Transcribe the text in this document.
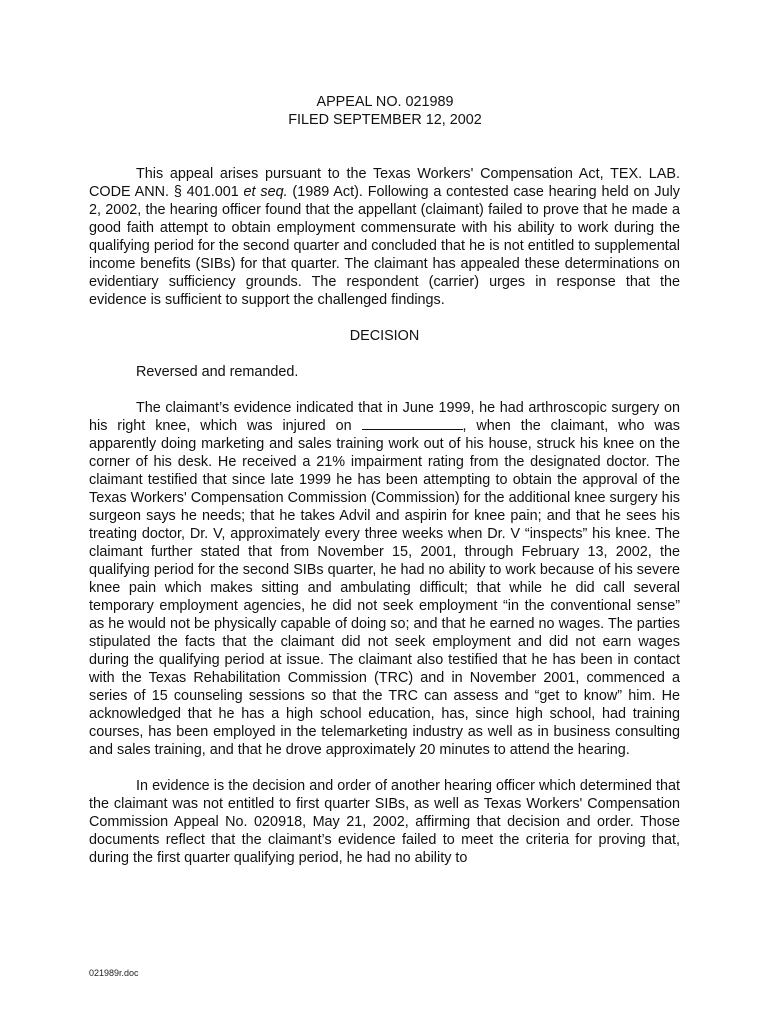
APPEAL NO. 021989
FILED SEPTEMBER 12, 2002

This appeal arises pursuant to the Texas Workers' Compensation Act, TEX. LAB. CODE ANN. § 401.001 et seq. (1989 Act). Following a contested case hearing held on July 2, 2002, the hearing officer found that the appellant (claimant) failed to prove that he made a good faith attempt to obtain employment commensurate with his ability to work during the qualifying period for the second quarter and concluded that he is not entitled to supplemental income benefits (SIBs) for that quarter. The claimant has appealed these determinations on evidentiary sufficiency grounds. The respondent (carrier) urges in response that the evidence is sufficient to support the challenged findings.

DECISION

Reversed and remanded.

The claimant’s evidence indicated that in June 1999, he had arthroscopic surgery on his right knee, which was injured on	, when the claimant, who was apparently doing marketing and sales training work out of his house, struck his knee on the corner of his desk. He received a 21% impairment rating from the designated doctor. The claimant testified that since late 1999 he has been attempting to obtain the approval of the Texas Workers' Compensation Commission (Commission) for the additional knee surgery his surgeon says he needs; that he takes Advil and aspirin for knee pain; and that he sees his treating doctor, Dr. V, approximately every three weeks when Dr. V “inspects” his knee. The claimant further stated that from November 15, 2001, through February 13, 2002, the qualifying period for the second SIBs quarter, he had no ability to work because of his severe knee pain which makes sitting and ambulating difficult; that while he did call several temporary employment agencies, he did not seek employment “in the conventional sense” as he would not be physically capable of doing so; and that he earned no wages. The parties stipulated the facts that the claimant did not seek employment and did not earn wages during the qualifying period at issue. The claimant also testified that he has been in contact with the Texas Rehabilitation Commission (TRC) and in November 2001, commenced a series of 15 counseling sessions so that the TRC can assess and “get to know” him. He acknowledged that he has a high school education, has, since high school, had training courses, has been employed in the telemarketing industry as well as in business consulting and sales training, and that he drove approximately 20 minutes to attend the hearing.

In evidence is the decision and order of another hearing officer which determined that the claimant was not entitled to first quarter SIBs, as well as Texas Workers' Compensation Commission Appeal No. 020918, May 21, 2002, affirming that decision and order. Those documents reflect that the claimant’s evidence failed to meet the criteria for proving that, during the first quarter qualifying period, he had no ability to

021989r.doc
